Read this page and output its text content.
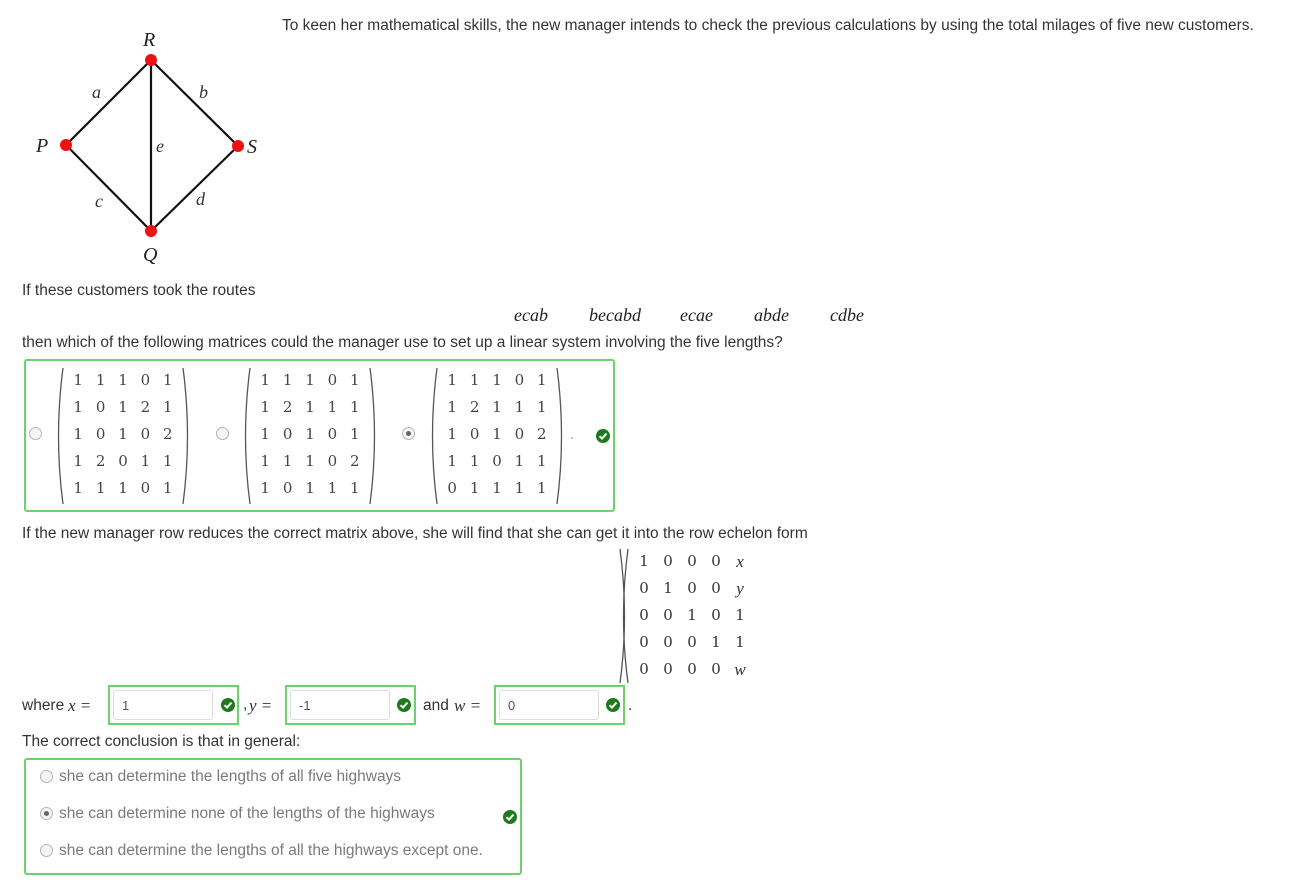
To keen her mathematical skills, the new manager intends to check the previous calculations by using the total milages of five new customers.
R
P	S
Q
a	b
c	d
e
If these customers took the routes
ecab becabd ecae abde cdbe
then which of the following matrices could the manager use to set up a linear system involving the five lengths?
.
1 1 1 0 1
1 0 1 2 1
1 0 1 0 2
1 2 0 1 1
1 1 1 0 1
1 1 1 0 1
1 2 1 1 1
1 0 1 0 1
1 1 1 0 2
1 0 1 1 1
1 1 1 0 1
1 2 1 1 1
1 0 1 0 2
1 1 0 1 1
0 1 1 1 1
If the new manager row reduces the correct matrix above, she will find that she can get it into the row echelon form
1 0 0 0 x
0 1 0 0 y
0 0 1 0 1
0 0 0 1 1
0 0 0 0 w
where x =
1	, y =
-1	and w =
0	.
The correct conclusion is that in general:
she can determine the lengths of all five highways
she can determine none of the lengths of the highways
she can determine the lengths of all the highways except one.
